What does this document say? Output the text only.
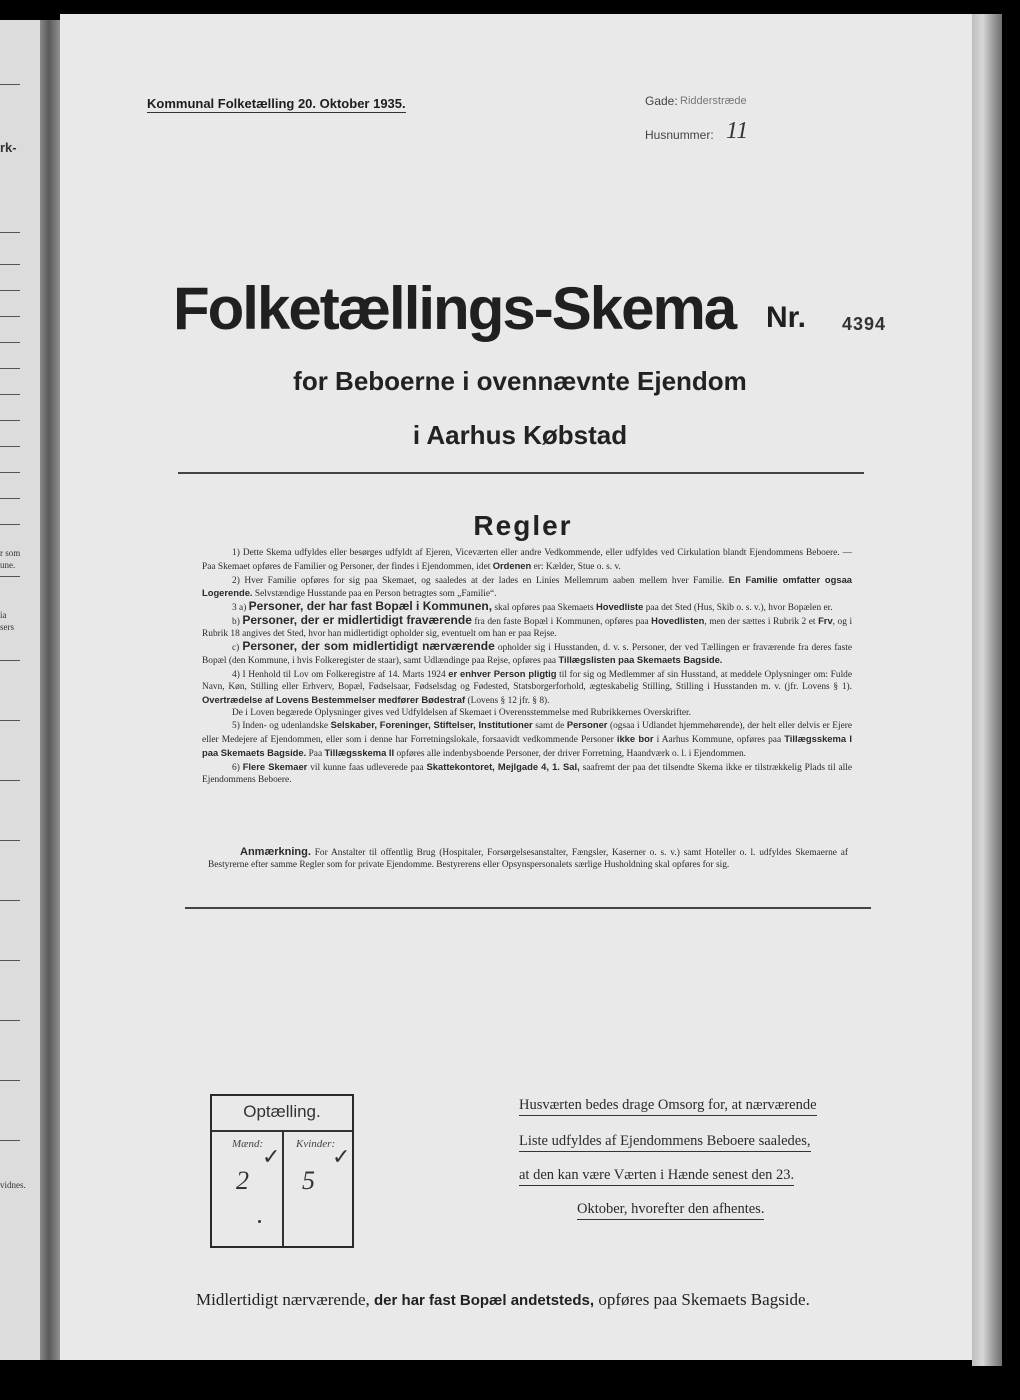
rk-
r som
une.
ia
sers
vidnes.
Kommunal Folketælling 20. Oktober 1935.	Gade: Ridderstræde
Husnummer: 11
Folketællings-Skema Nr. 4394
for Beboerne i ovennævnte Ejendom
i Aarhus Købstad
Regler

1) Dette Skema udfyldes eller besørges udfyldt af Ejeren, Viceværten eller andre Vedkommende, eller udfyldes ved Cirkulation blandt Ejendommens Beboere. — Paa Skemaet opføres de Familier og Personer, der findes i Ejendommen, idet Ordenen er: Kælder, Stue o. s. v.

2) Hver Familie opføres for sig paa Skemaet, og saaledes at der lades en Linies Mellemrum aaben mellem hver Familie. En Familie omfatter ogsaa Logerende. Selvstændige Husstande paa en Person betragtes som „Familie“.

3 a) Personer, der har fast Bopæl i Kommunen, skal opføres paa Skemaets Hovedliste paa det Sted (Hus, Skib o. s. v.), hvor Bopælen er.

b) Personer, der er midlertidigt fraværende fra den faste Bopæl i Kommunen, opføres paa Hovedlisten, men der sættes i Rubrik 2 et Frv, og i Rubrik 18 angives det Sted, hvor han midlertidigt opholder sig, eventuelt om han er paa Rejse.

c) Personer, der som midlertidigt nærværende opholder sig i Husstanden, d. v. s. Personer, der ved Tællingen er fraværende fra deres faste Bopæl (den Kommune, i hvis Folkeregister de staar), samt Udlændinge paa Rejse, opføres paa Tillægslisten paa Skemaets Bagside.

4) I Henhold til Lov om Folkeregistre af 14. Marts 1924 er enhver Person pligtig til for sig og Medlemmer af sin Husstand, at meddele Oplysninger om: Fulde Navn, Køn, Stilling eller Erhverv, Bopæl, Fødselsaar, Fødselsdag og Fødested, Statsborgerforhold, ægteskabelig Stilling, Stilling i Husstanden m. v. (jfr. Lovens § 1). Overtrædelse af Lovens Bestemmelser medfører Bødestraf (Lovens § 12 jfr. § 8).

De i Loven begærede Oplysninger gives ved Udfyldelsen af Skemaet i Overensstemmelse med Rubrikkernes Overskrifter.

5) Inden- og udenlandske Selskaber, Foreninger, Stiftelser, Institutioner samt de Personer (ogsaa i Udlandet hjemmehørende), der helt eller delvis er Ejere eller Medejere af Ejendommen, eller som i denne har Forretningslokale, forsaavidt vedkommende Personer ikke bor i Aarhus Kommune, opføres paa Tillægsskema I paa Skemaets Bagside. Paa Tillægsskema II opføres alle indenbysboende Personer, der driver Forretning, Haandværk o. l. i Ejendommen.

6) Flere Skemaer vil kunne faas udleverede paa Skattekontoret, Mejlgade 4, 1. Sal, saafremt der paa det tilsendte Skema ikke er tilstrækkelig Plads til alle Ejendommens Beboere.

Anmærkning. For Anstalter til offentlig Brug (Hospitaler, Forsørgelsesanstalter, Fængsler, Kaserner o. s. v.) samt Hoteller o. l. udfyldes Skemaerne af Bestyrerne efter samme Regler som for private Ejendomme. Bestyrerens eller Opsynspersonalets særlige Husholdning skal opføres for sig.

Optælling.
Mænd:	Kvinder:
✓ ✓
2 5
Husværten bedes drage Omsorg for, at nærværende
Liste udfyldes af Ejendommens Beboere saaledes,
at den kan være Værten i Hænde senest den 23.
Oktober, hvorefter den afhentes.
Midlertidigt nærværende, der har fast Bopæl andetsteds, opføres paa Skemaets Bagside.
